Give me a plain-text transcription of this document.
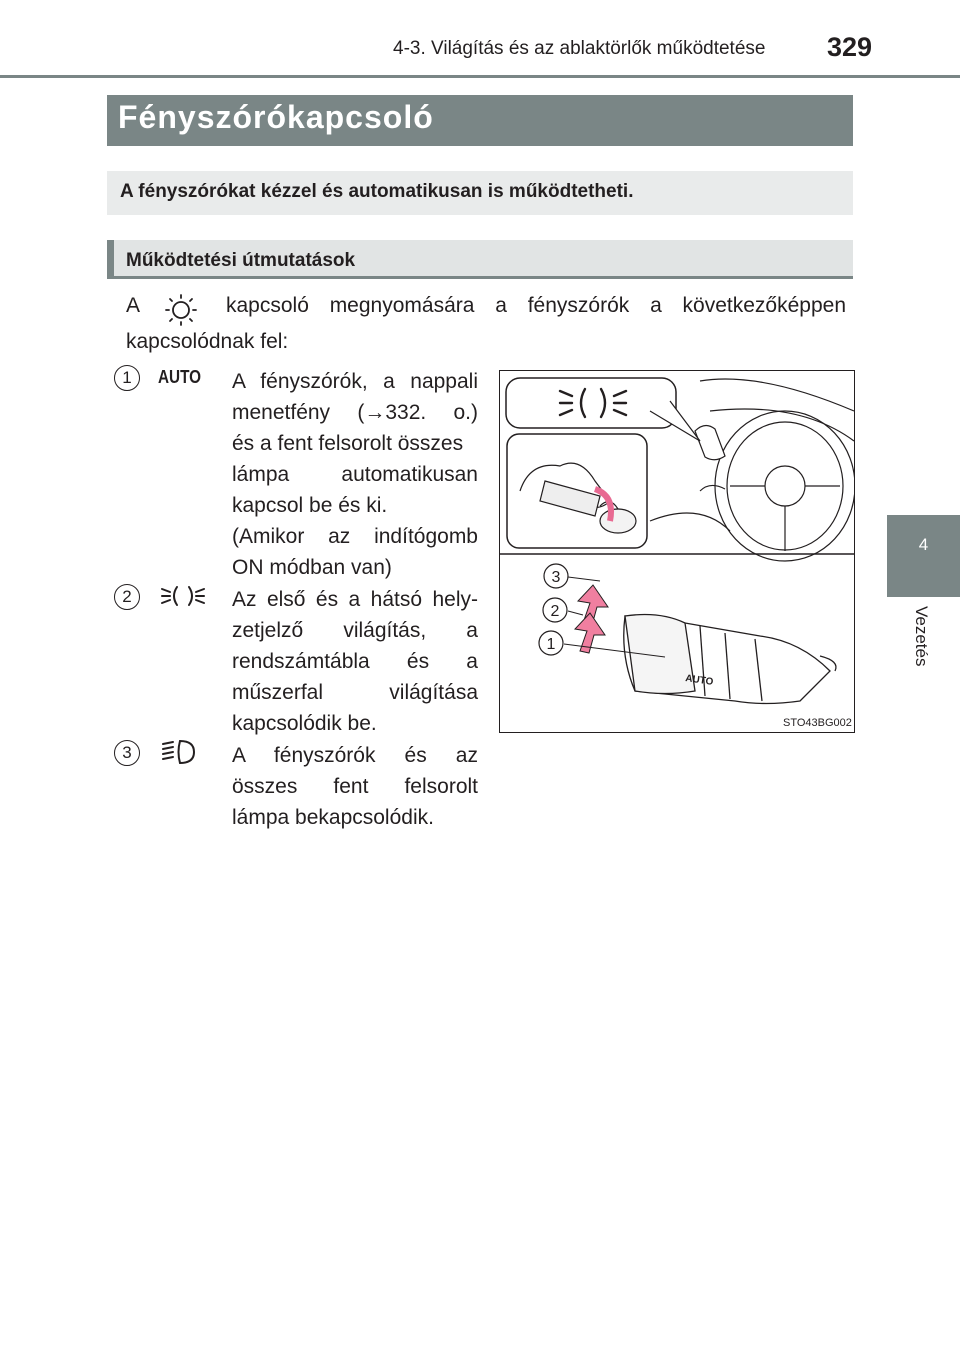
4-3. Világítás és az ablaktörlők működtetése 329
4
Vezetés
Fényszórókapcsoló
A fényszórókat kézzel és automatikusan is működtetheti.
Működtetési útmutatások
A	kapcsoló megnyomására a fényszórók a következőképpen
kapcsolódnak fel:
1	AUTO A fényszórók, a nappali
menetfény (→332. o.)
és a fent felsorolt összes
lámpa automatikusan
kapcsol be és ki.
(Amikor az indítógomb
ON módban van)
2	Az első és a hátsó hely-
zetjelző világítás, a
rendszámtábla és a
műszerfal világítása
kapcsolódik be.
3	A fényszórók és az
összes fent felsorolt
lámpa bekapcsolódik.
AUTO
3
2
1
STO43BG002
